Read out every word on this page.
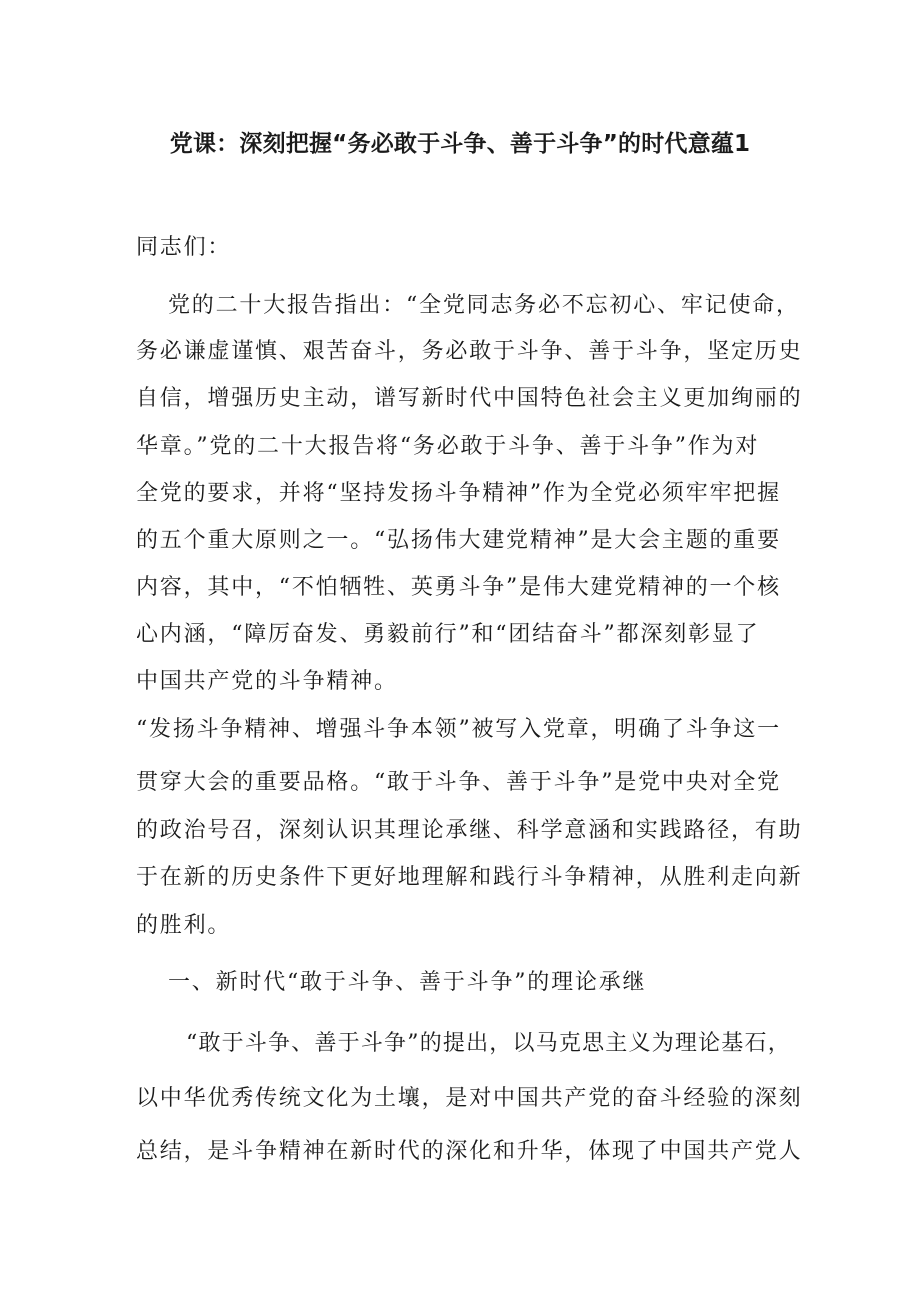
党课：深刻把握“务必敢于斗争、善于斗争”的时代意蕴1
同志们：
党的二十大报告指出：“全党同志务必不忘初心、牢记使命，
务必谦虚谨慎、艰苦奋斗，务必敢于斗争、善于斗争，坚定历史
自信，增强历史主动，谱写新时代中国特色社会主义更加绚丽的
华章。”党的二十大报告将“务必敢于斗争、善于斗争”作为对
全党的要求，并将“坚持发扬斗争精神”作为全党必须牢牢把握
的五个重大原则之一。“弘扬伟大建党精神”是大会主题的重要
内容，其中，“不怕牺牲、英勇斗争”是伟大建党精神的一个核
心内涵，“障厉奋发、勇毅前行”和“团结奋斗”都深刻彰显了
中国共产党的斗争精神。
“发扬斗争精神、增强斗争本领”被写入党章，明确了斗争这一
贯穿大会的重要品格。“敢于斗争、善于斗争”是党中央对全党
的政治号召，深刻认识其理论承继、科学意涵和实践路径，有助
于在新的历史条件下更好地理解和践行斗争精神，从胜利走向新
的胜利。
一、新时代“敢于斗争、善于斗争”的理论承继
“敢于斗争、善于斗争”的提出，以马克思主义为理论基石，
以中华优秀传统文化为土壤，是对中国共产党的奋斗经验的深刻
总结，是斗争精神在新时代的深化和升华，体现了中国共产党人
